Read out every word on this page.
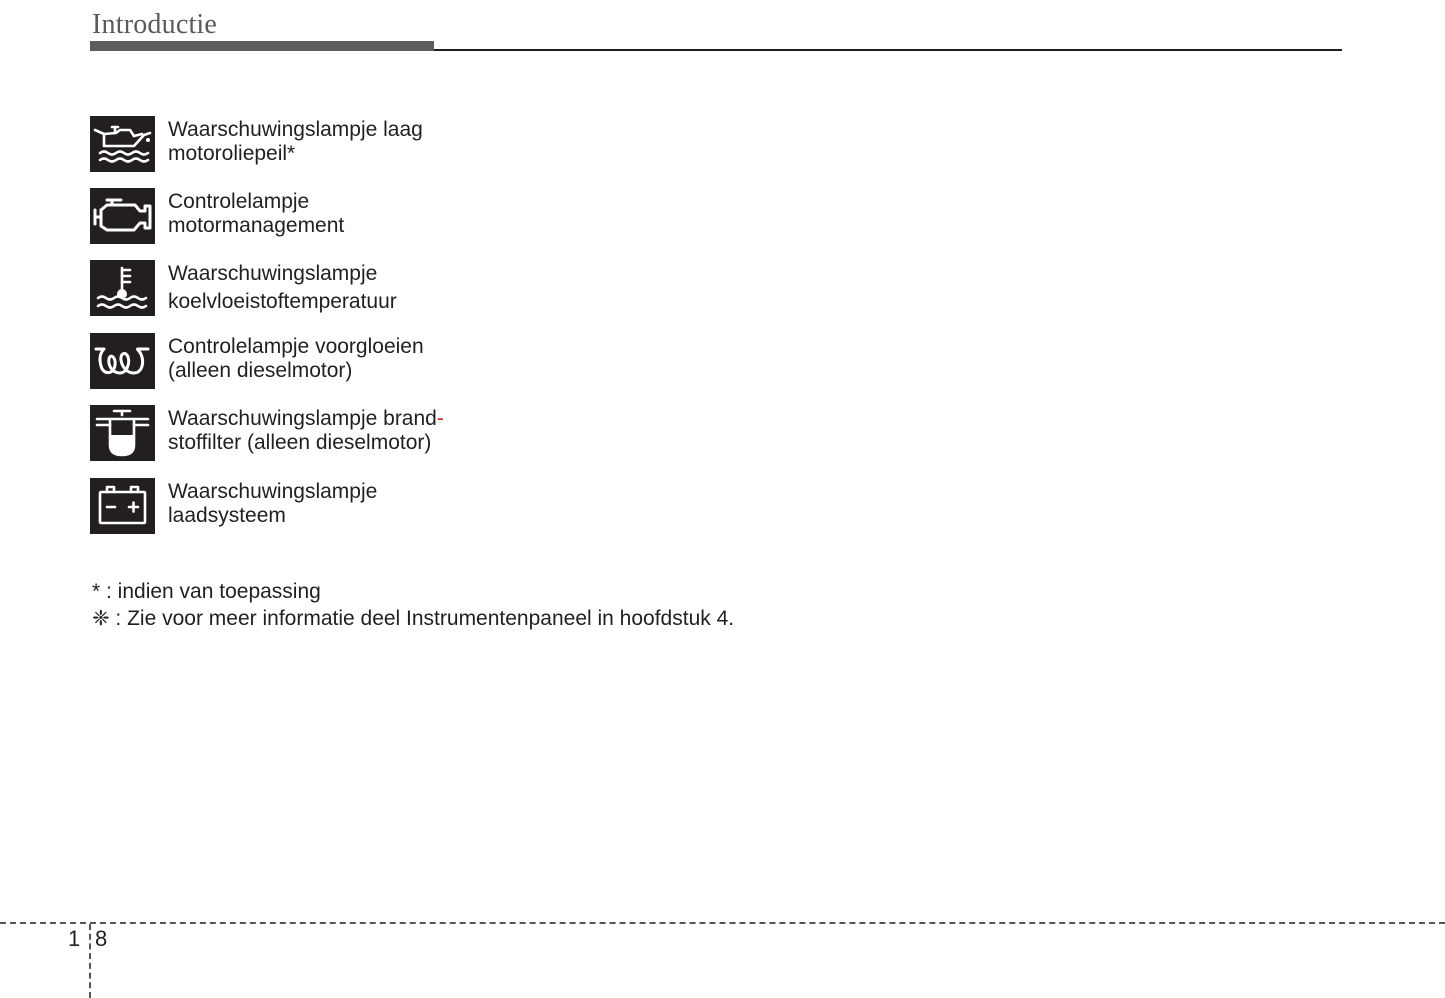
Introductie
Waarschuwingslampje laag
motoroliepeil*
Controlelampje
motormanagement
Waarschuwingslampje
koelvloeistoftemperatuur
Controlelampje voorgloeien
(alleen dieselmotor)
Waarschuwingslampje brand-
stoffilter (alleen dieselmotor)
Waarschuwingslampje
laadsysteem
* : indien van toepassing
❈ : Zie voor meer informatie deel Instrumentenpaneel in hoofdstuk 4.
1 8
